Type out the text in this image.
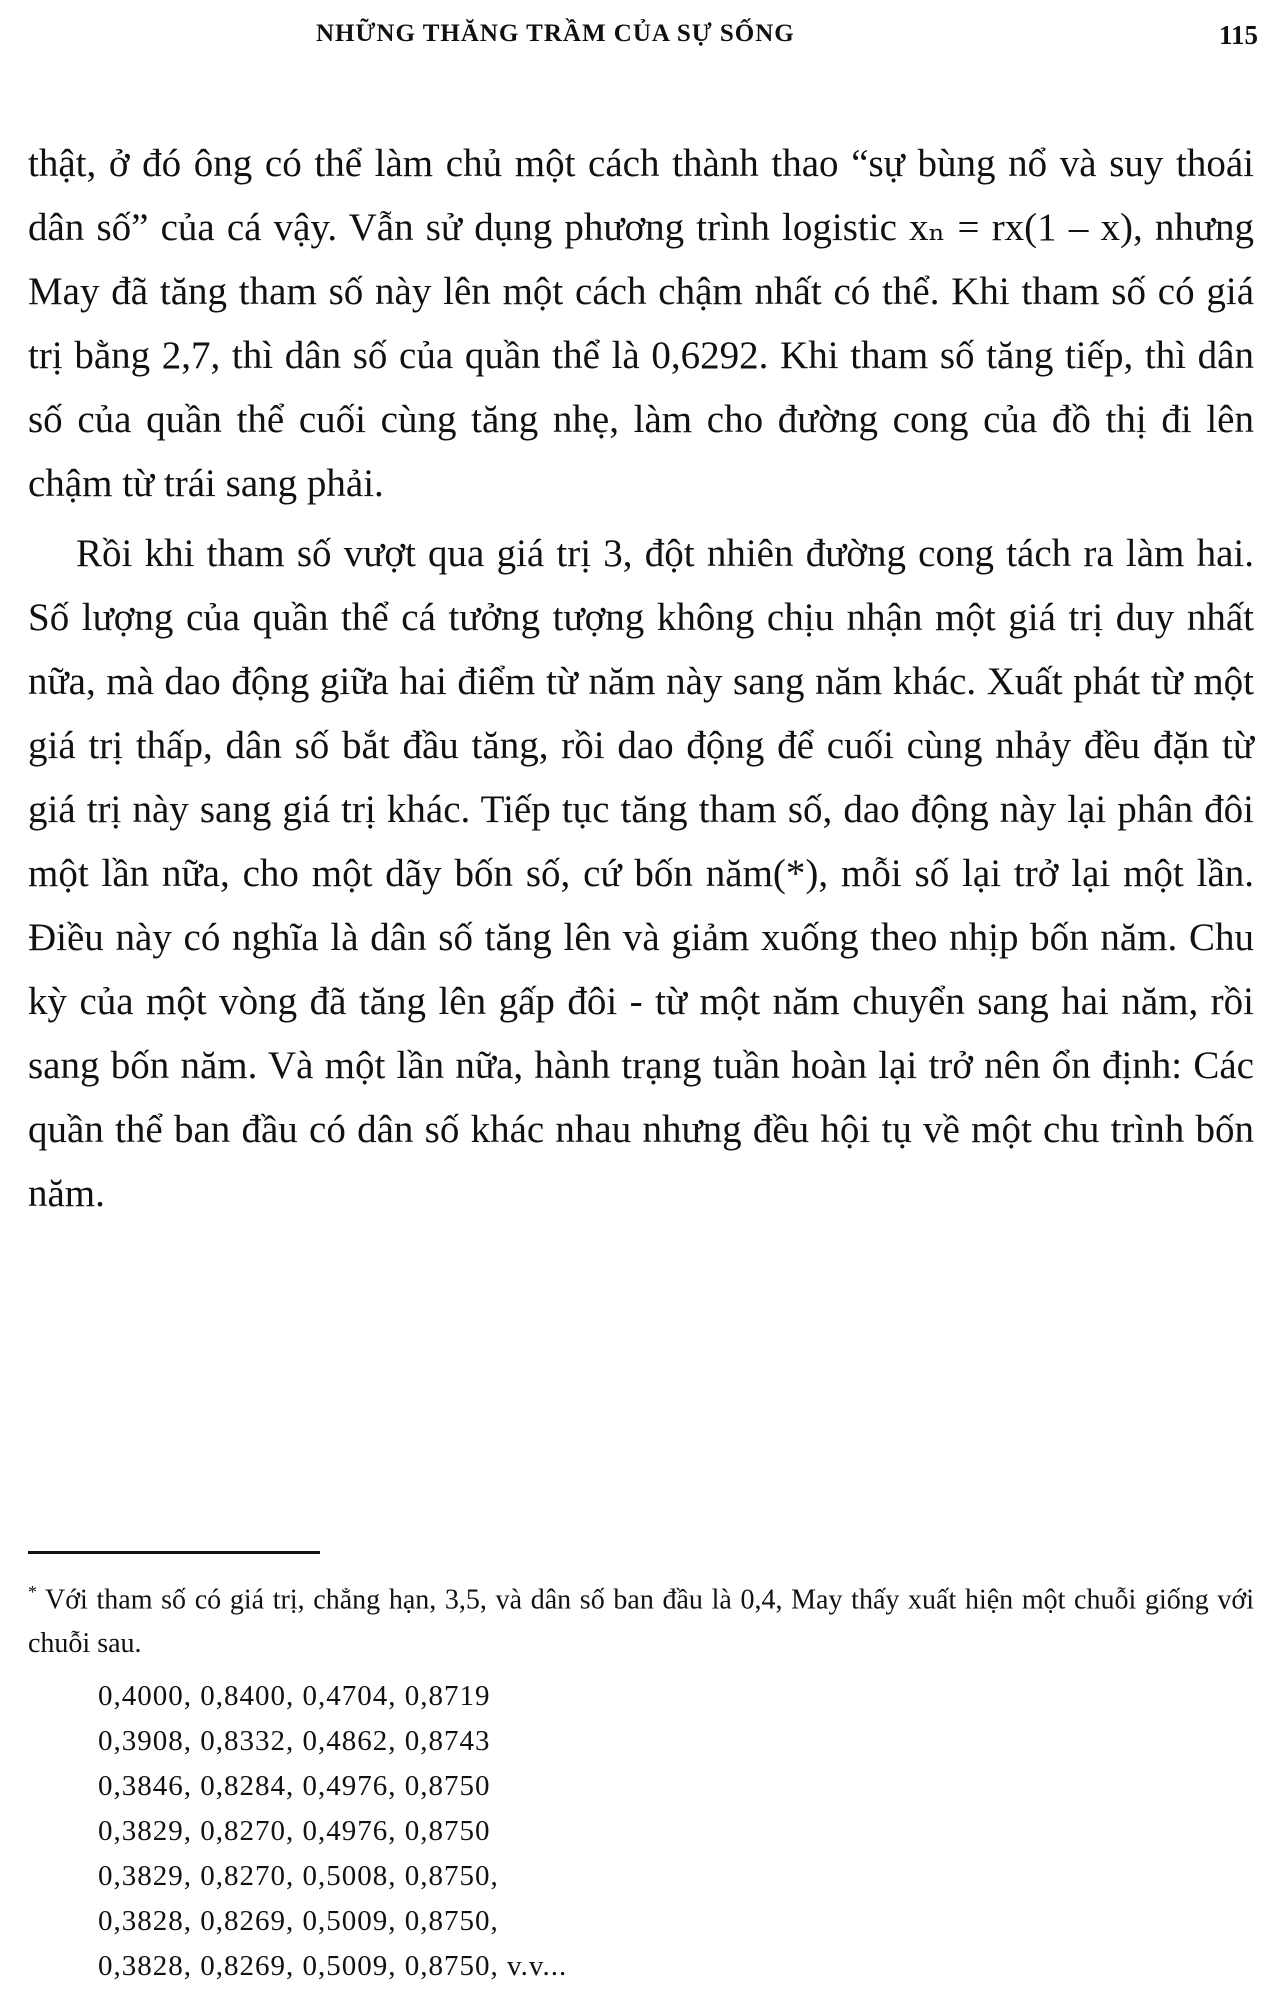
NHỮNG THĂNG TRẦM CỦA SỰ SỐNG	115

thật, ở đó ông có thể làm chủ một cách thành thao “sự bùng nổ và suy thoái dân số” của cá vậy. Vẫn sử dụng phương trình logistic xₙ = rx(1 – x), nhưng May đã tăng tham số này lên một cách chậm nhất có thể. Khi tham số có giá trị bằng 2,7, thì dân số của quần thể là 0,6292. Khi tham số tăng tiếp, thì dân số của quần thể cuối cùng tăng nhẹ, làm cho đường cong của đồ thị đi lên chậm từ trái sang phải.

Rồi khi tham số vượt qua giá trị 3, đột nhiên đường cong tách ra làm hai. Số lượng của quần thể cá tưởng tượng không chịu nhận một giá trị duy nhất nữa, mà dao động giữa hai điểm từ năm này sang năm khác. Xuất phát từ một giá trị thấp, dân số bắt đầu tăng, rồi dao động để cuối cùng nhảy đều đặn từ giá trị này sang giá trị khác. Tiếp tục tăng tham số, dao động này lại phân đôi một lần nữa, cho một dãy bốn số, cứ bốn năm(*), mỗi số lại trở lại một lần. Điều này có nghĩa là dân số tăng lên và giảm xuống theo nhịp bốn năm. Chu kỳ của một vòng đã tăng lên gấp đôi - từ một năm chuyển sang hai năm, rồi sang bốn năm. Và một lần nữa, hành trạng tuần hoàn lại trở nên ổn định: Các quần thể ban đầu có dân số khác nhau nhưng đều hội tụ về một chu trình bốn năm.

* Với tham số có giá trị, chẳng hạn, 3,5, và dân số ban đầu là 0,4, May thấy xuất hiện một chuỗi giống với chuỗi sau.

0,4000, 0,8400, 0,4704, 0,8719
0,3908, 0,8332, 0,4862, 0,8743
0,3846, 0,8284, 0,4976, 0,8750
0,3829, 0,8270, 0,4976, 0,8750
0,3829, 0,8270, 0,5008, 0,8750,
0,3828, 0,8269, 0,5009, 0,8750,
0,3828, 0,8269, 0,5009, 0,8750, v.v...
